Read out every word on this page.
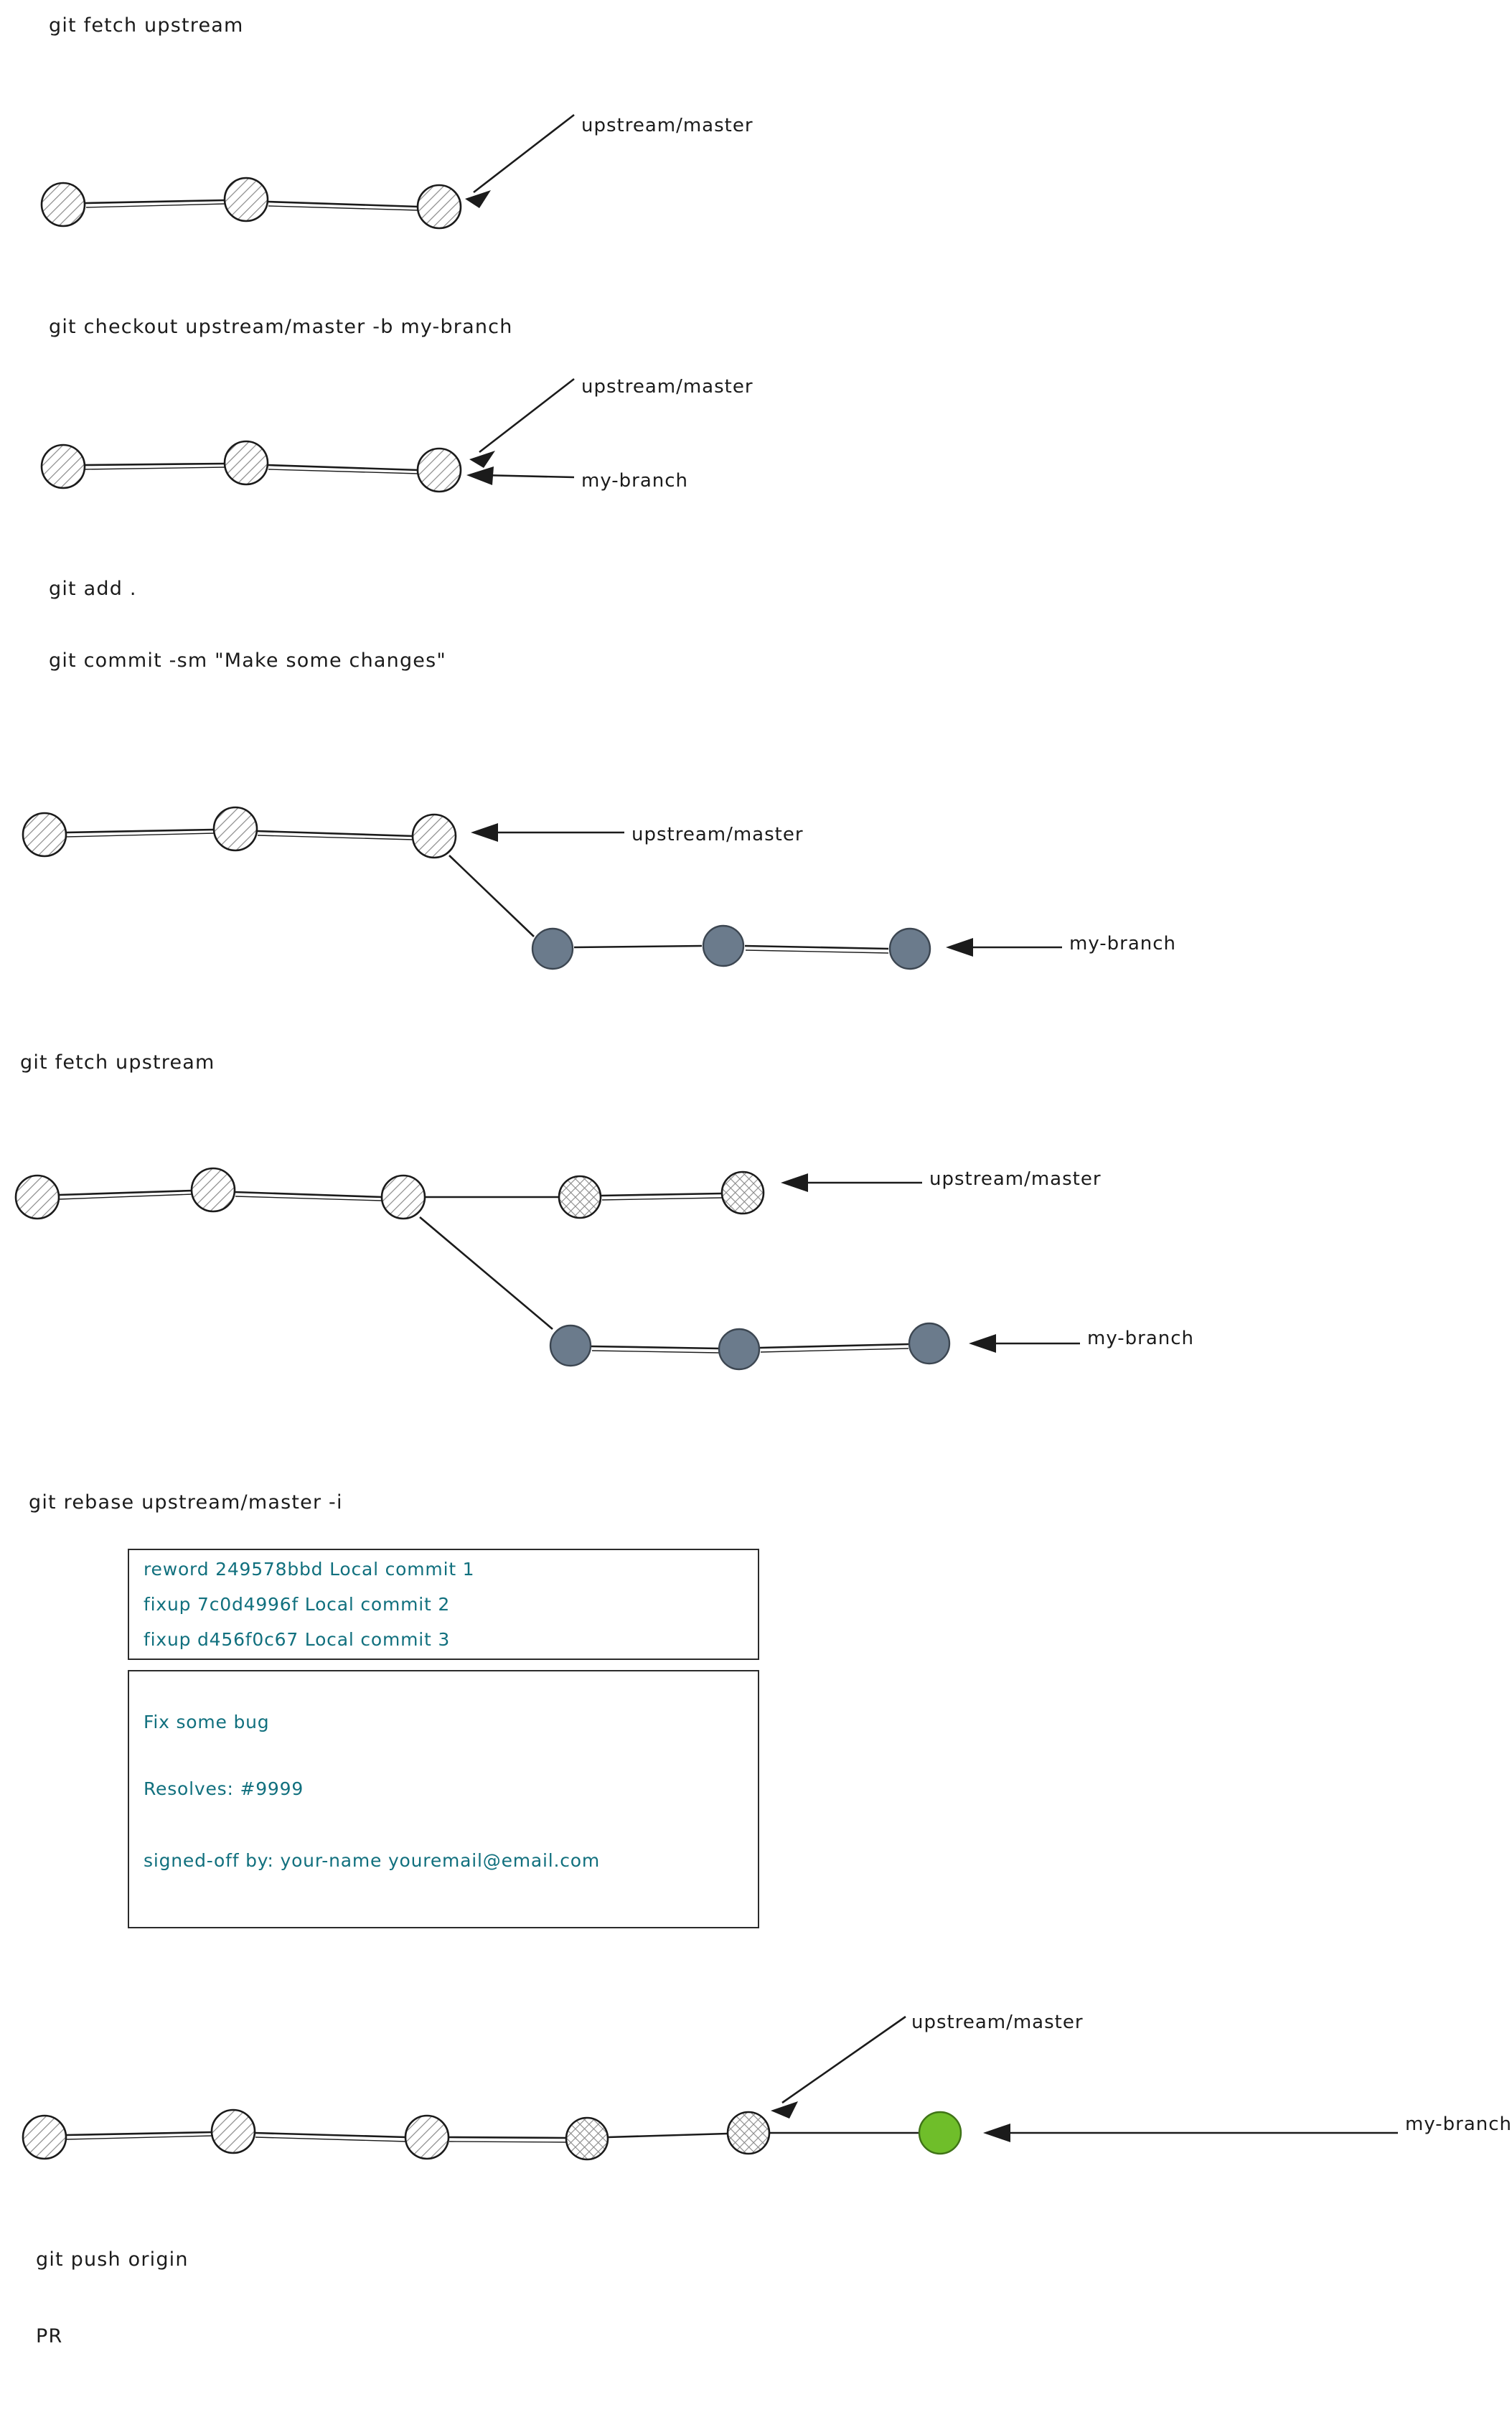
git fetch upstream
git checkout upstream/master -b my-branch
git add .
git commit -sm "Make some changes"
git fetch upstream
git rebase upstream/master -i
git push origin
PR
upstream/master
upstream/master
my-branch
upstream/master
my-branch
upstream/master
my-branch
upstream/master
my-branch
reword 249578bbd Local commit 1
fixup 7c0d4996f Local commit 2
fixup d456f0c67 Local commit 3
Fix some bug
Resolves: #9999
signed-off by: your-name youremail@email.com
